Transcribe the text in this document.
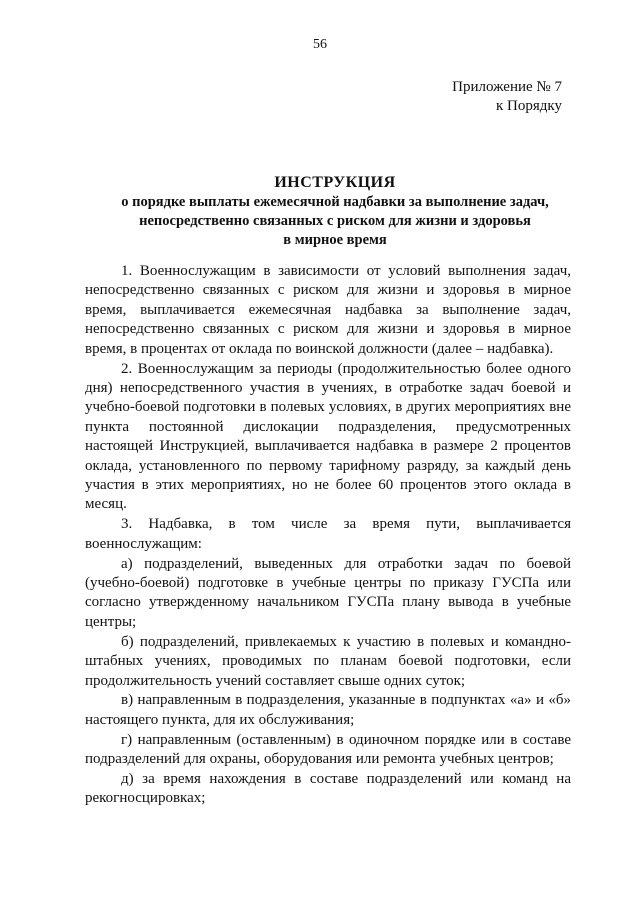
56
Приложение № 7
к Порядку
ИНСТРУКЦИЯ
о порядке выплаты ежемесячной надбавки за выполнение задач,
непосредственно связанных с риском для жизни и здоровья
в мирное время

1. Военнослужащим в зависимости от условий выполнения задач, непосредственно связанных с риском для жизни и здоровья в мирное время, выплачивается ежемесячная надбавка за выполнение задач, непосредственно связанных с риском для жизни и здоровья в мирное время, в процентах от оклада по воинской должности (далее – надбавка).

2. Военнослужащим за периоды (продолжительностью более одного дня) непосредственного участия в учениях, в отработке задач боевой и учебно-боевой подготовки в полевых условиях, в других мероприятиях вне пункта постоянной дислокации подразделения, предусмотренных настоящей Инструкцией, выплачивается надбавка в размере 2 процентов оклада, установленного по первому тарифному разряду, за каждый день участия в этих мероприятиях, но не более 60 процентов этого оклада в месяц.

3. Надбавка, в том числе за время пути, выплачивается военнослужащим:

а) подразделений, выведенных для отработки задач по боевой (учебно-боевой) подготовке в учебные центры по приказу ГУСПа или согласно утвержденному начальником ГУСПа плану вывода в учебные центры;

б) подразделений, привлекаемых к участию в полевых и командно-штабных учениях, проводимых по планам боевой подготовки, если продолжительность учений составляет свыше одних суток;

в) направленным в подразделения, указанные в подпунктах «а» и «б» настоящего пункта, для их обслуживания;

г) направленным (оставленным) в одиночном порядке или в составе подразделений для охраны, оборудования или ремонта учебных центров;

д) за время нахождения в составе подразделений или команд на рекогносцировках;
